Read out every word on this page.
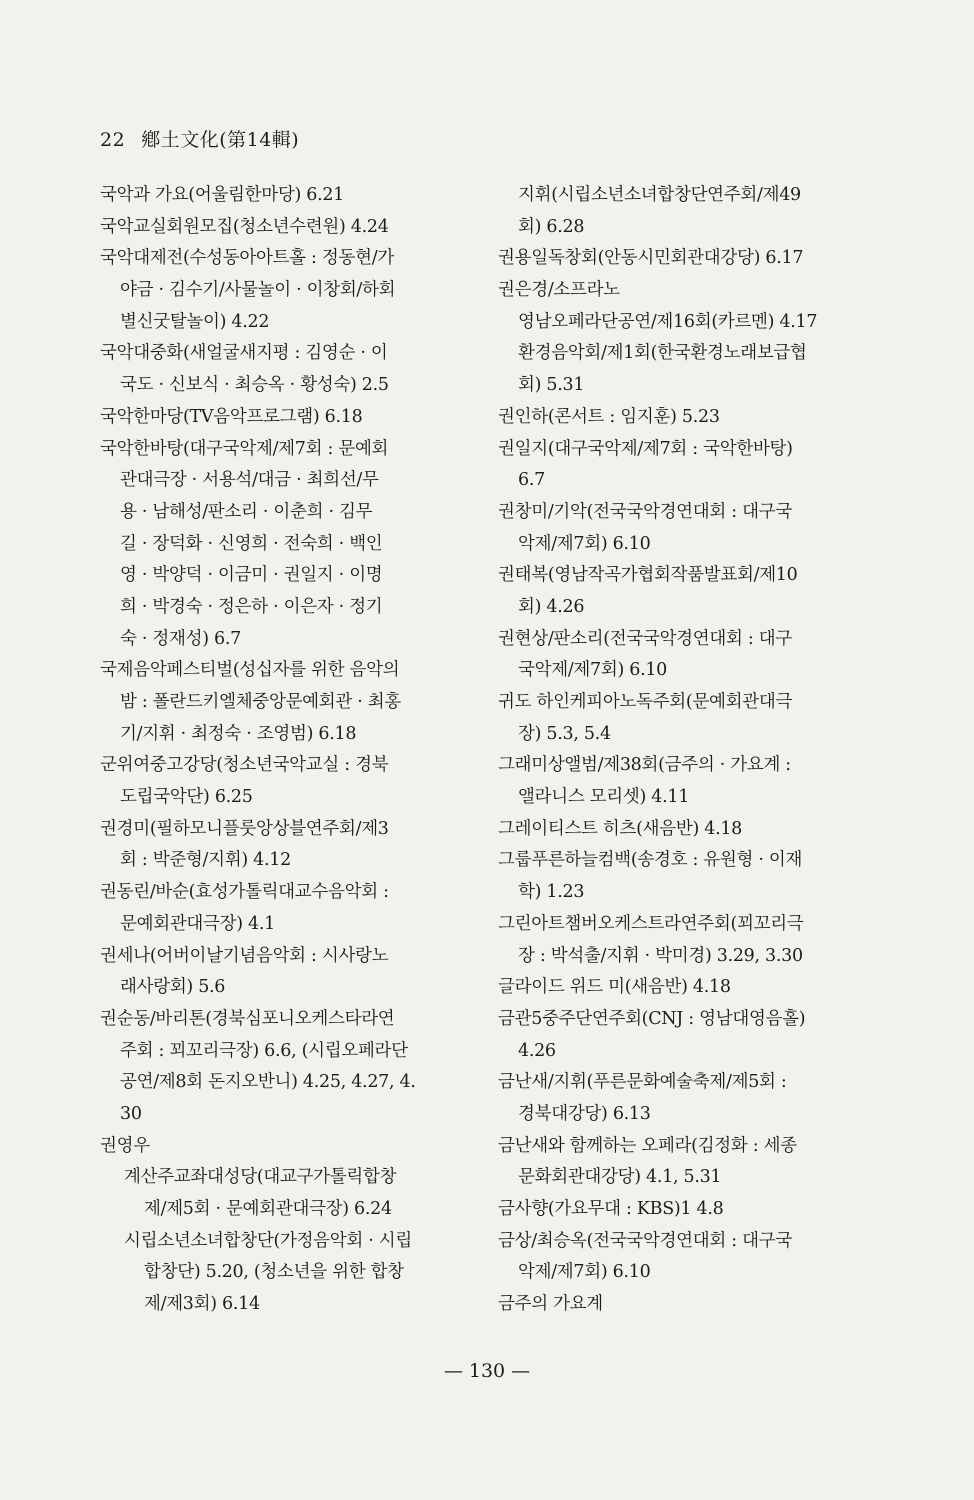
22 鄕土文化(第14輯)
국악과 가요(어울림한마당) 6.21
국악교실회원모집(청소년수련원) 4.24
국악대제전(수성동아아트홀 : 정동현/가
야금 · 김수기/사물놀이 · 이창회/하회
별신굿탈놀이) 4.22
국악대중화(새얼굴새지평 : 김영순 · 이
국도 · 신보식 · 최승옥 · 황성숙) 2.5
국악한마당(TV음악프로그램) 6.18
국악한바탕(대구국악제/제7회 : 문예회
관대극장 · 서용석/대금 · 최희선/무
용 · 남해성/판소리 · 이춘희 · 김무
길 · 장덕화 · 신영희 · 전숙희 · 백인
영 · 박양덕 · 이금미 · 권일지 · 이명
희 · 박경숙 · 정은하 · 이은자 · 정기
숙 · 정재성) 6.7
국제음악페스티벌(성십자를 위한 음악의
밤 : 폴란드키엘체중앙문예회관 · 최홍
기/지휘 · 최정숙 · 조영범) 6.18
군위여중고강당(청소년국악교실 : 경북
도립국악단) 6.25
권경미(필하모니플룻앙상블연주회/제3
회 : 박준형/지휘) 4.12
권동린/바순(효성가톨릭대교수음악회 :
문예회관대극장) 4.1
권세나(어버이날기념음악회 : 시사랑노
래사랑회) 5.6
권순동/바리톤(경북심포니오케스타라연
주회 : 꾀꼬리극장) 6.6, (시립오페라단
공연/제8회 돈지오반니) 4.25, 4.27, 4.
30
권영우
계산주교좌대성당(대교구가톨릭합창
제/제5회 · 문예회관대극장) 6.24
시립소년소녀합창단(가정음악회 · 시립
합창단) 5.20, (청소년을 위한 합창
제/제3회) 6.14
지휘(시립소년소녀합창단연주회/제49
회) 6.28
권용일독창회(안동시민회관대강당) 6.17
권은경/소프라노
영남오페라단공연/제16회(카르멘) 4.17
환경음악회/제1회(한국환경노래보급협
회) 5.31
권인하(콘서트 : 임지훈) 5.23
권일지(대구국악제/제7회 : 국악한바탕)
6.7
권창미/기악(전국국악경연대회 : 대구국
악제/제7회) 6.10
권태복(영남작곡가협회작품발표회/제10
회) 4.26
권현상/판소리(전국국악경연대회 : 대구
국악제/제7회) 6.10
귀도 하인케피아노독주회(문예회관대극
장) 5.3, 5.4
그래미상앨범/제38회(금주의 · 가요계 :
앨라니스 모리셋) 4.11
그레이티스트 히츠(새음반) 4.18
그룹푸른하늘컴백(송경호 : 유원형 · 이재
학) 1.23
그린아트챔버오케스트라연주회(꾀꼬리극
장 : 박석출/지휘 · 박미경) 3.29, 3.30
글라이드 위드 미(새음반) 4.18
금관5중주단연주회(CNJ : 영남대영음홀)
4.26
금난새/지휘(푸른문화예술축제/제5회 :
경북대강당) 6.13
금난새와 함께하는 오페라(김정화 : 세종
문화회관대강당) 4.1, 5.31
금사향(가요무대 : KBS)1 4.8
금상/최승옥(전국국악경연대회 : 대구국
악제/제7회) 6.10
금주의 가요계
— 130 —
